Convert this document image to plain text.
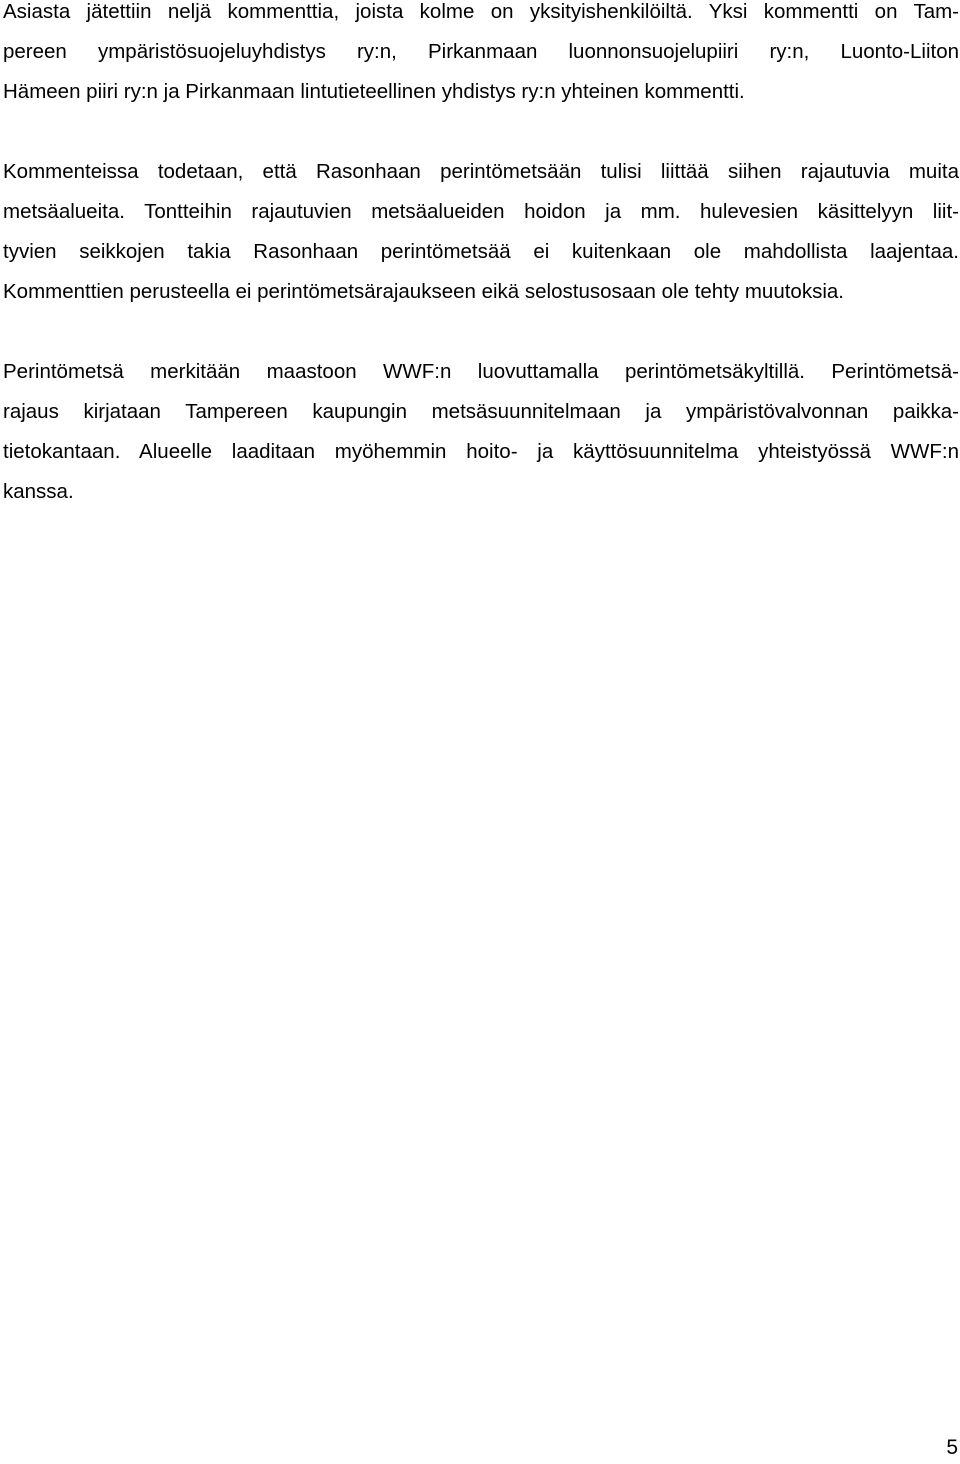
Asiasta jätettiin neljä kommenttia, joista kolme on yksityishenkilöiltä. Yksi kommentti on Tam-
pereen ympäristösuojeluyhdistys ry:n, Pirkanmaan luonnonsuojelupiiri ry:n, Luonto-Liiton
Hämeen piiri ry:n ja Pirkanmaan lintutieteellinen yhdistys ry:n yhteinen kommentti.
Kommenteissa todetaan, että Rasonhaan perintömetsään tulisi liittää siihen rajautuvia muita
metsäalueita. Tontteihin rajautuvien metsäalueiden hoidon ja mm. hulevesien käsittelyyn liit-
tyvien seikkojen takia Rasonhaan perintömetsää ei kuitenkaan ole mahdollista laajentaa.
Kommenttien perusteella ei perintömetsärajaukseen eikä selostusosaan ole tehty muutoksia.
Perintömetsä merkitään maastoon WWF:n luovuttamalla perintömetsäkyltillä. Perintömetsä-
rajaus kirjataan Tampereen kaupungin metsäsuunnitelmaan ja ympäristövalvonnan paikka-
tietokantaan. Alueelle laaditaan myöhemmin hoito- ja käyttösuunnitelma yhteistyössä WWF:n
kanssa.
5
